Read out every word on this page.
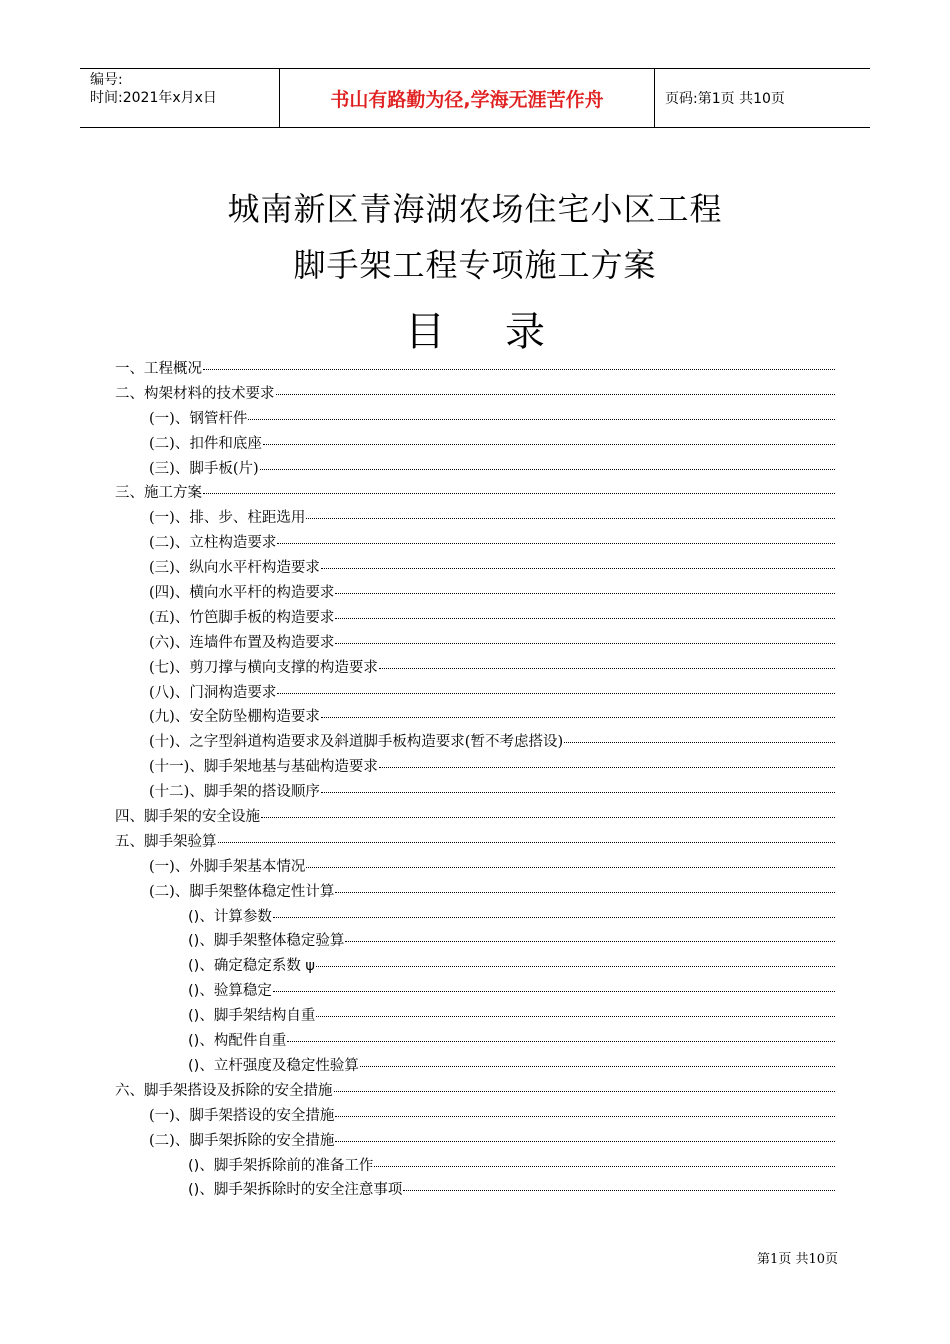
编号:
时间:2021年x月x日	书山有路勤为径,学海无涯苦作舟	页码:第1页 共10页
城南新区青海湖农场住宅小区工程
脚手架工程专项施工方案
目 录
一、工程概况
二、构架材料的技术要求
(一)、钢管杆件
(二)、扣件和底座
(三)、脚手板(片)
三、施工方案
(一)、排、步、柱距选用
(二)、立柱构造要求
(三)、纵向水平杆构造要求
(四)、横向水平杆的构造要求
(五)、竹笆脚手板的构造要求
(六)、连墙件布置及构造要求
(七)、剪刀撑与横向支撑的构造要求
(八)、门洞构造要求
(九)、安全防坠棚构造要求
(十)、之字型斜道构造要求及斜道脚手板构造要求(暂不考虑搭设)
(十一)、脚手架地基与基础构造要求
(十二)、脚手架的搭设顺序
四、脚手架的安全设施
五、脚手架验算
(一)、外脚手架基本情况
(二)、脚手架整体稳定性计算
()、计算参数
()、脚手架整体稳定验算
()、确定稳定系数 ψ
()、验算稳定
()、脚手架结构自重
()、构配件自重
()、立杆强度及稳定性验算
六、脚手架搭设及拆除的安全措施
(一)、脚手架搭设的安全措施
(二)、脚手架拆除的安全措施
()、脚手架拆除前的准备工作
()、脚手架拆除时的安全注意事项
第1页 共10页
